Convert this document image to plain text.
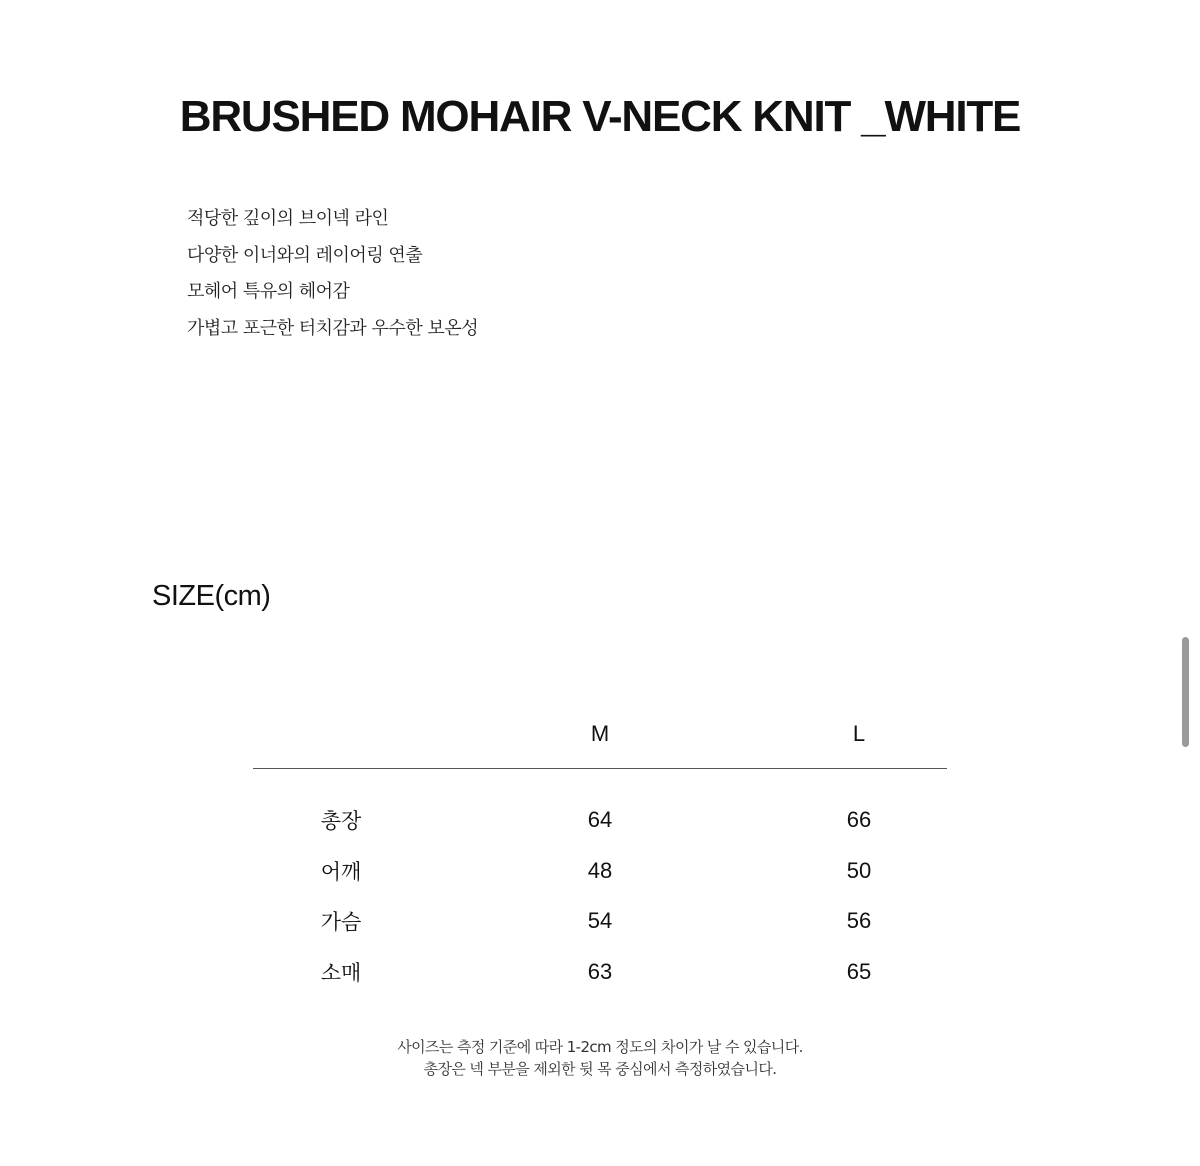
BRUSHED MOHAIR V-NECK KNIT _WHITE
적당한 깊이의 브이넥 라인
다양한 이너와의 레이어링 연출
모헤어 특유의 헤어감
가볍고 포근한 터치감과 우수한 보온성
SIZE(cm)
	M	L
총장	64	66
어깨	48	50
가슴	54	56
소매	63	65
사이즈는 측정 기준에 따라 1-2cm 정도의 차이가 날 수 있습니다.
총장은 넥 부분을 제외한 뒷 목 중심에서 측정하였습니다.
